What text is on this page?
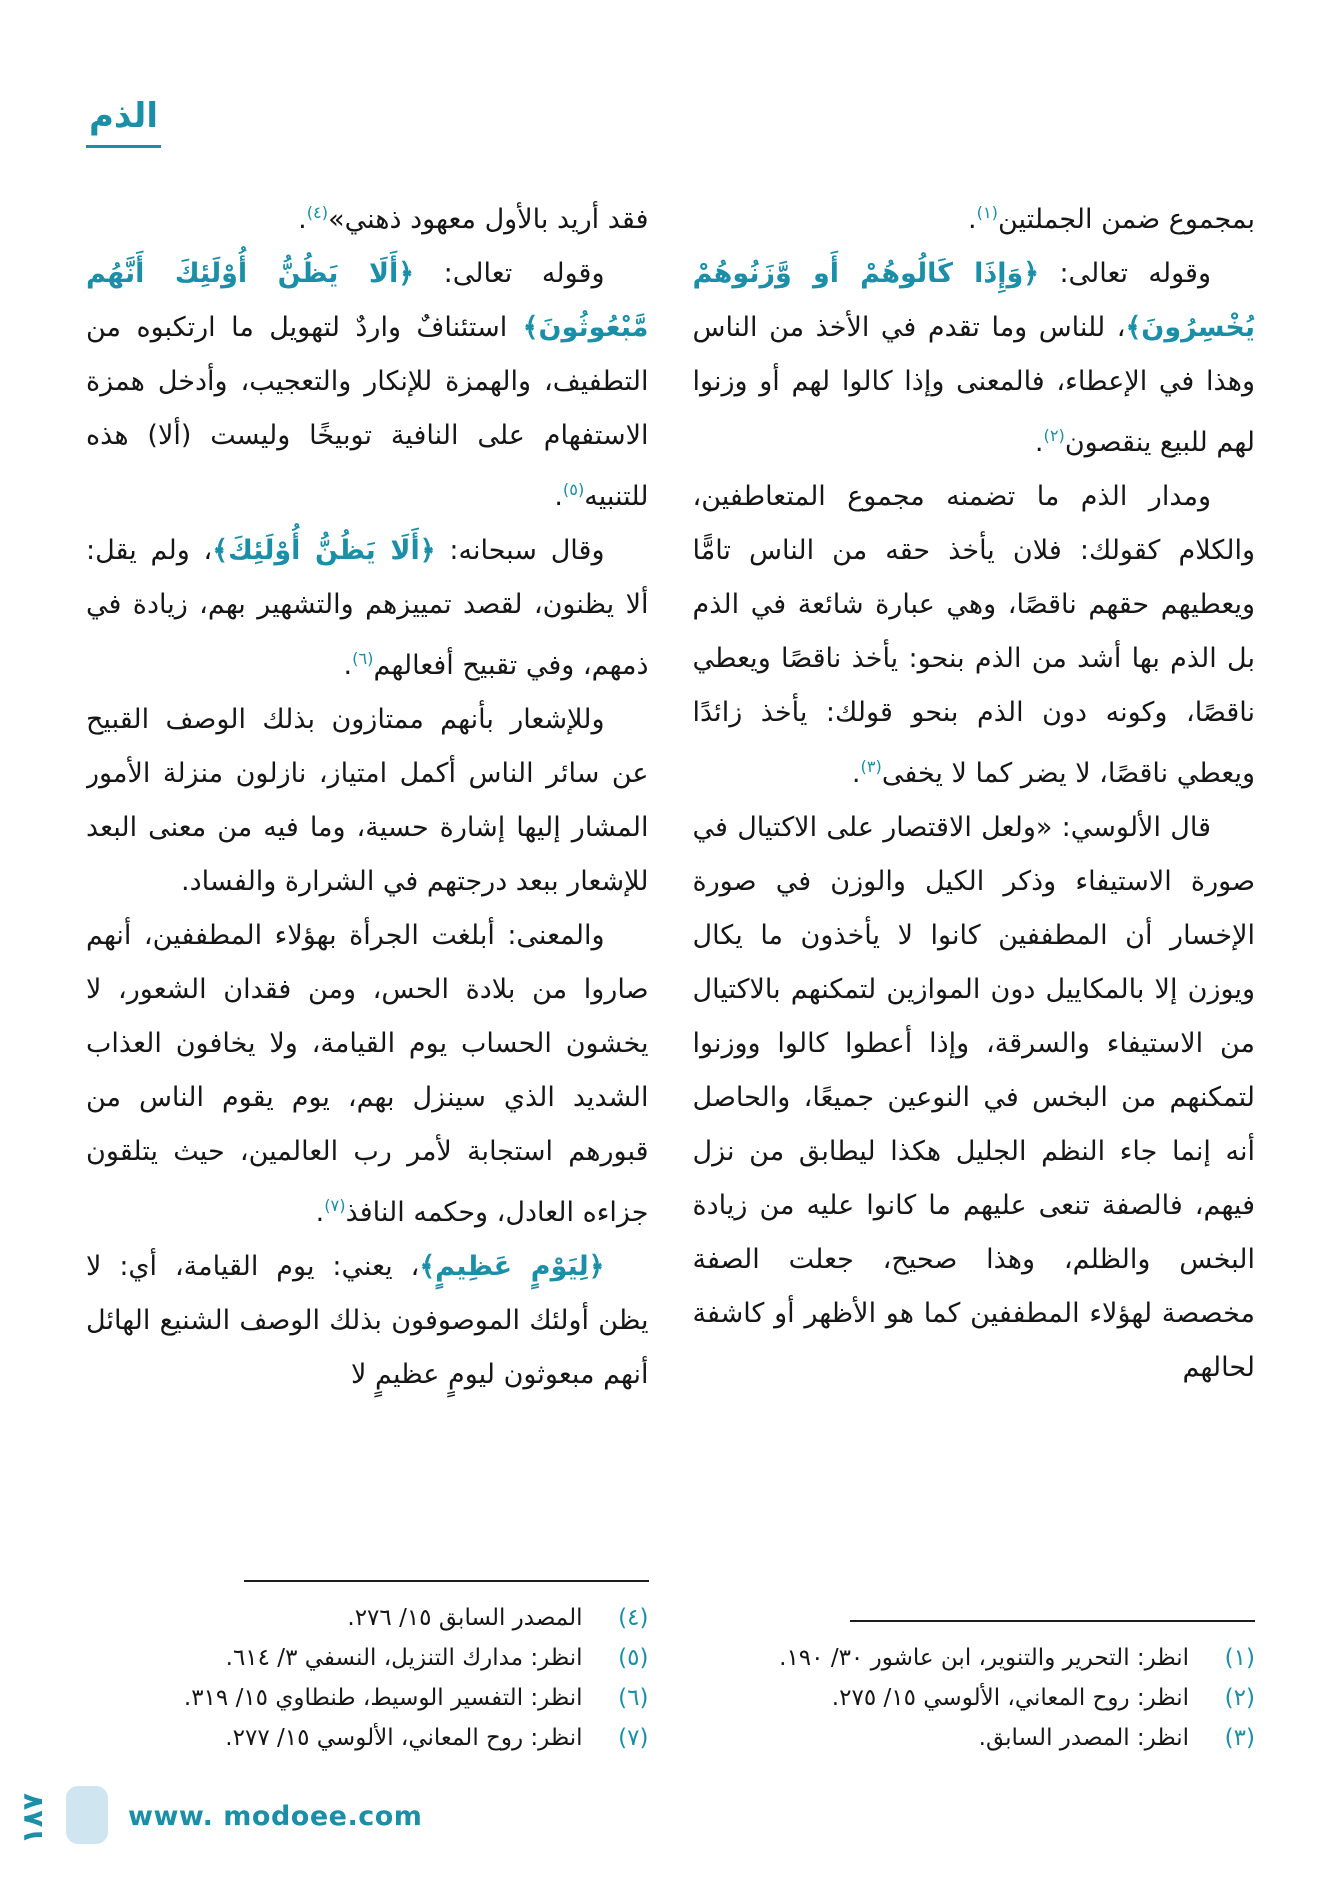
الذم

بمجموع ضمن الجملتين$^{(١)}$.

وقوله تعالى: ﴿وَإِذَا كَالُوهُمْ أَو وَّزَنُوهُمْ يُخْسِرُونَ﴾، للناس وما تقدم في الأخذ من الناس وهذا في الإعطاء، فالمعنى وإذا كالوا لهم أو وزنوا لهم للبيع ينقصون$^{(٢)}$.

ومدار الذم ما تضمنه مجموع المتعاطفين، والكلام كقولك: فلان يأخذ حقه من الناس تامًّا ويعطيهم حقهم ناقصًا، وهي عبارة شائعة في الذم بل الذم بها أشد من الذم بنحو: يأخذ ناقصًا ويعطي ناقصًا، وكونه دون الذم بنحو قولك: يأخذ زائدًا ويعطي ناقصًا، لا يضر كما لا يخفى$^{(٣)}$.

قال الألوسي: «ولعل الاقتصار على الاكتيال في صورة الاستيفاء وذكر الكيل والوزن في صورة الإخسار أن المطففين كانوا لا يأخذون ما يكال ويوزن إلا بالمكاييل دون الموازين لتمكنهم بالاكتيال من الاستيفاء والسرقة، وإذا أعطوا كالوا ووزنوا لتمكنهم من البخس في النوعين جميعًا، والحاصل أنه إنما جاء النظم الجليل هكذا ليطابق من نزل فيهم، فالصفة تنعى عليهم ما كانوا عليه من زيادة البخس والظلم، وهذا صحيح، جعلت الصفة مخصصة لهؤلاء المطففين كما هو الأظهر أو كاشفة لحالهم

(١)
انظر: التحرير والتنوير، ابن عاشور ٣٠/ ١٩٠.
(٢)
انظر: روح المعاني، الألوسي ١٥/ ٢٧٥.
(٣)
انظر: المصدر السابق.

فقد أريد بالأول معهود ذهني»$^{(٤)}$.

وقوله تعالى: ﴿أَلَا يَظُنُّ أُوْلَئِكَ أَنَّهُم مَّبْعُوثُونَ﴾ استئنافٌ واردٌ لتهويل ما ارتكبوه من التطفيف، والهمزة للإنكار والتعجيب، وأدخل همزة الاستفهام على النافية توبيخًا وليست (ألا) هذه للتنبيه$^{(٥)}$.

وقال سبحانه: ﴿أَلَا يَظُنُّ أُوْلَئِكَ﴾، ولم يقل: ألا يظنون، لقصد تمييزهم والتشهير بهم، زيادة في ذمهم، وفي تقبيح أفعالهم$^{(٦)}$.

وللإشعار بأنهم ممتازون بذلك الوصف القبيح عن سائر الناس أكمل امتياز، نازلون منزلة الأمور المشار إليها إشارة حسية، وما فيه من معنى البعد للإشعار ببعد درجتهم في الشرارة والفساد.

والمعنى: أبلغت الجرأة بهؤلاء المطففين، أنهم صاروا من بلادة الحس، ومن فقدان الشعور، لا يخشون الحساب يوم القيامة، ولا يخافون العذاب الشديد الذي سينزل بهم، يوم يقوم الناس من قبورهم استجابة لأمر رب العالمين، حيث يتلقون جزاءه العادل، وحكمه النافذ$^{(٧)}$.

﴿لِيَوْمٍ عَظِيمٍ﴾، يعني: يوم القيامة، أي: لا يظن أولئك الموصوفون بذلك الوصف الشنيع الهائل أنهم مبعوثون ليومٍ عظيمٍ لا

(٤)
المصدر السابق ١٥/ ٢٧٦.
(٥)
انظر: مدارك التنزيل، النسفي ٣/ ٦١٤.
(٦)
انظر: التفسير الوسيط، طنطاوي ١٥/ ٣١٩.
(٧)
انظر: روح المعاني، الألوسي ١٥/ ٢٧٧.
١٨٧	www. modoee.com
